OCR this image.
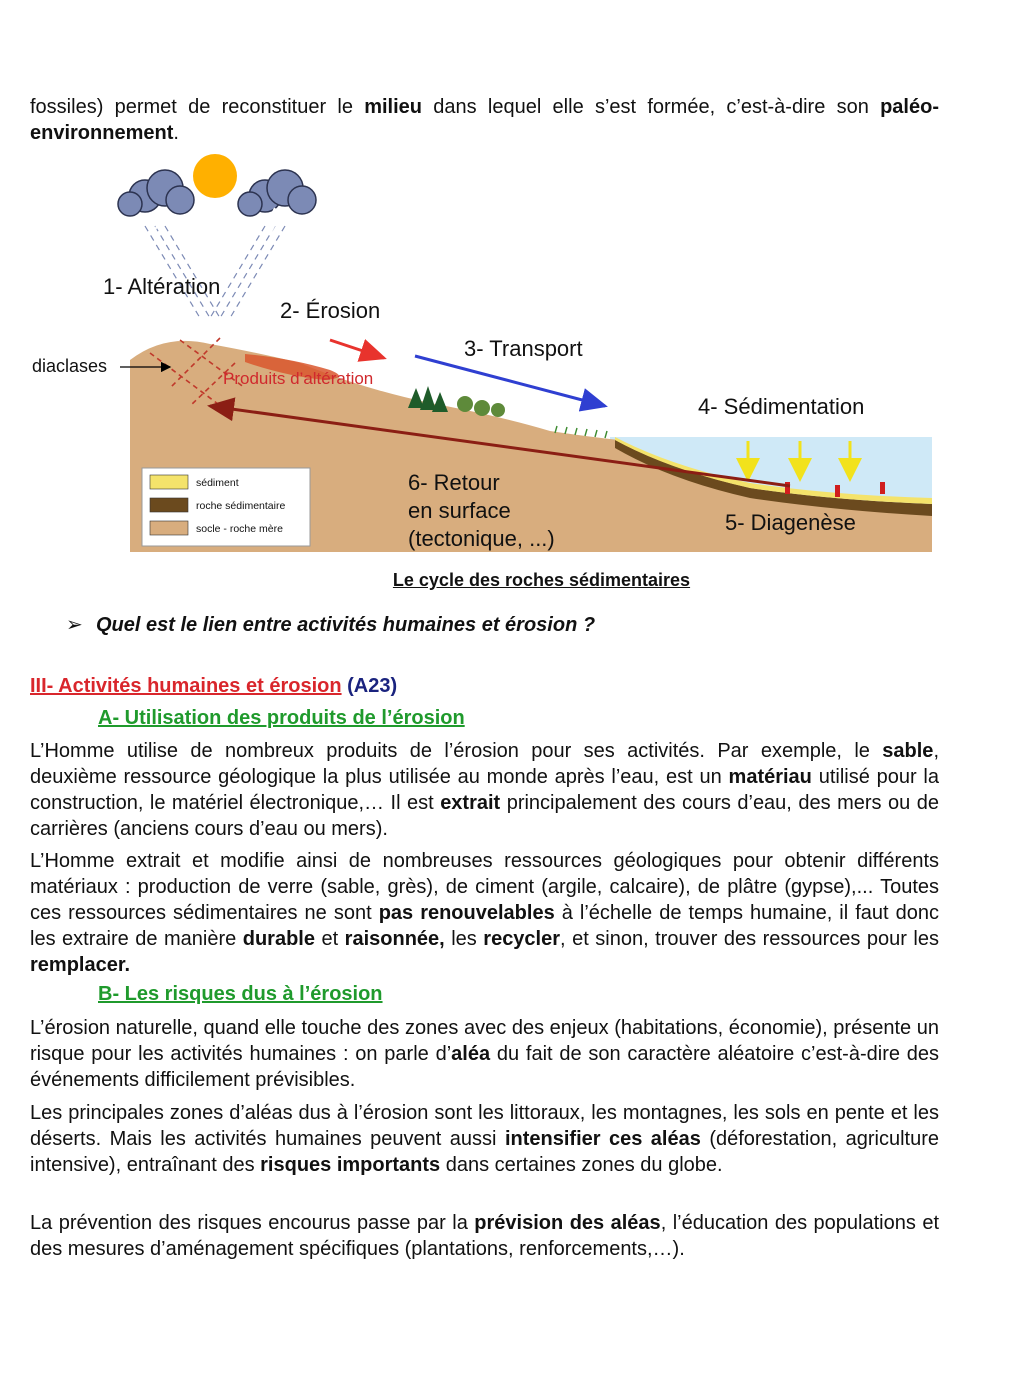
fossiles) permet de reconstituer le milieu dans lequel elle s’est formée, c’est-à-dire son paléo-environnement.

1- Altération
2- Érosion
3- Transport
4- Sédimentation
5- Diagenèse
6- Retour
en surface
(tectonique, ...)
diaclases
Produits d’altération
sédiment
roche sédimentaire
socle - roche mère
Le cycle des roches sédimentaires
➢ Quel est le lien entre activités humaines et érosion ?
III- Activités humaines et érosion (A23)
A- Utilisation des produits de l’érosion

L’Homme utilise de nombreux produits de l’érosion pour ses activités. Par exemple, le sable, deuxième ressource géologique la plus utilisée au monde après l’eau, est un matériau utilisé pour la construction, le matériel électronique,… Il est extrait principalement des cours d’eau, des mers ou de carrières (anciens cours d’eau ou mers).

L’Homme extrait et modifie ainsi de nombreuses ressources géologiques pour obtenir différents matériaux : production de verre (sable, grès), de ciment (argile, calcaire), de plâtre (gypse),... Toutes ces ressources sédimentaires ne sont pas renouvelables à l’échelle de temps humaine, il faut donc les extraire de manière durable et raisonnée, les recycler, et sinon, trouver des ressources pour les remplacer.

B- Les risques dus à l’érosion

L’érosion naturelle, quand elle touche des zones avec des enjeux (habitations, économie), présente un risque pour les activités humaines : on parle d’aléa du fait de son caractère aléatoire c’est-à-dire des événements difficilement prévisibles.

Les principales zones d’aléas dus à l’érosion sont les littoraux, les montagnes, les sols en pente et les déserts. Mais les activités humaines peuvent aussi intensifier ces aléas (déforestation, agriculture intensive), entraînant des risques importants dans certaines zones du globe.

La prévention des risques encourus passe par la prévision des aléas, l’éducation des populations et des mesures d’aménagement spécifiques (plantations, renforcements,…).
